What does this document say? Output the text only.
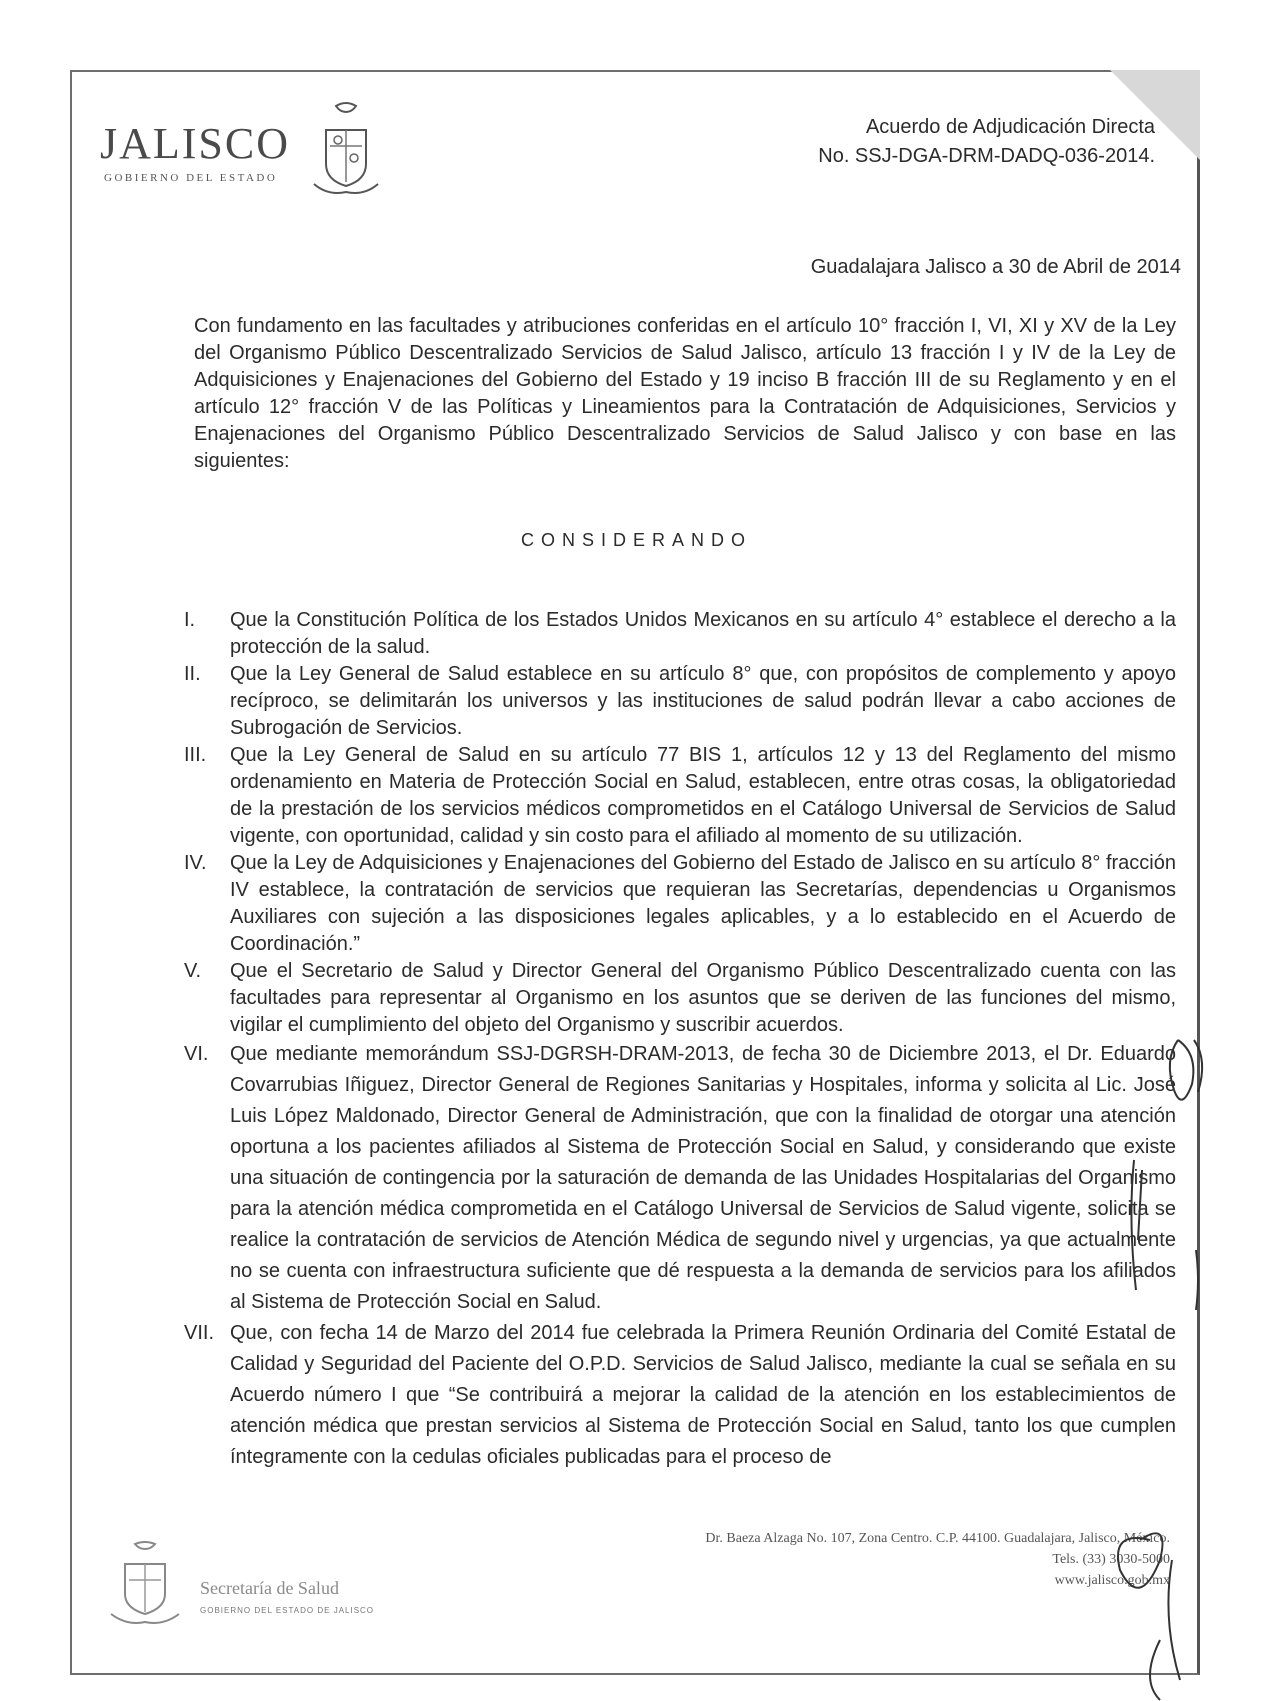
JALISCO
GOBIERNO DEL ESTADO
Acuerdo de Adjudicación Directa
No. SSJ-DGA-DRM-DADQ-036-2014.
Guadalajara Jalisco a 30 de Abril de 2014
Con fundamento en las facultades y atribuciones conferidas en el artículo 10° fracción I, VI, XI y XV de la Ley del Organismo Público Descentralizado Servicios de Salud Jalisco, artículo 13 fracción I y IV de la Ley de Adquisiciones y Enajenaciones del Gobierno del Estado y 19 inciso B fracción III de su Reglamento y en el artículo 12° fracción V de las Políticas y Lineamientos para la Contratación de Adquisiciones, Servicios y Enajenaciones del Organismo Público Descentralizado Servicios de Salud Jalisco y con base en las siguientes:
CONSIDERANDO
I.	Que la Constitución Política de los Estados Unidos Mexicanos en su artículo 4° establece el derecho a la protección de la salud.
II.	Que la Ley General de Salud establece en su artículo 8° que, con propósitos de complemento y apoyo recíproco, se delimitarán los universos y las instituciones de salud podrán llevar a cabo acciones de Subrogación de Servicios.
III.	Que la Ley General de Salud en su artículo 77 BIS 1, artículos 12 y 13 del Reglamento del mismo ordenamiento en Materia de Protección Social en Salud, establecen, entre otras cosas, la obligatoriedad de la prestación de los servicios médicos comprometidos en el Catálogo Universal de Servicios de Salud vigente, con oportunidad, calidad y sin costo para el afiliado al momento de su utilización.
IV.	Que la Ley de Adquisiciones y Enajenaciones del Gobierno del Estado de Jalisco en su artículo 8° fracción IV establece, la contratación de servicios que requieran las Secretarías, dependencias u Organismos Auxiliares con sujeción a las disposiciones legales aplicables, y a lo establecido en el Acuerdo de Coordinación.”
V.	Que el Secretario de Salud y Director General del Organismo Público Descentralizado cuenta con las facultades para representar al Organismo en los asuntos que se deriven de las funciones del mismo, vigilar el cumplimiento del objeto del Organismo y suscribir acuerdos.
VI.	Que mediante memorándum SSJ-DGRSH-DRAM-2013, de fecha 30 de Diciembre 2013, el Dr. Eduardo Covarrubias Iñiguez, Director General de Regiones Sanitarias y Hospitales, informa y solicita al Lic. José Luis López Maldonado, Director General de Administración, que con la finalidad de otorgar una atención oportuna a los pacientes afiliados al Sistema de Protección Social en Salud, y considerando que existe una situación de contingencia por la saturación de demanda de las Unidades Hospitalarias del Organismo para la atención médica comprometida en el Catálogo Universal de Servicios de Salud vigente, solicita se realice la contratación de servicios de Atención Médica de segundo nivel y urgencias, ya que actualmente no se cuenta con infraestructura suficiente que dé respuesta a la demanda de servicios para los afiliados al Sistema de Protección Social en Salud.
VII. Que, con fecha 14 de Marzo del 2014 fue celebrada la Primera Reunión Ordinaria del Comité Estatal de Calidad y Seguridad del Paciente del O.P.D. Servicios de Salud Jalisco, mediante la cual se señala en su Acuerdo número I que “Se contribuirá a mejorar la calidad de la atención en los establecimientos de atención médica que prestan servicios al Sistema de Protección Social en Salud, tanto los que cumplen íntegramente con la cedulas oficiales publicadas para el proceso de
Secretaría de Salud
GOBIERNO DEL ESTADO DE JALISCO
Dr. Baeza Alzaga No. 107, Zona Centro. C.P. 44100. Guadalajara, Jalisco, México.
Tels. (33) 3030-5000
www.jalisco.gob.mx
